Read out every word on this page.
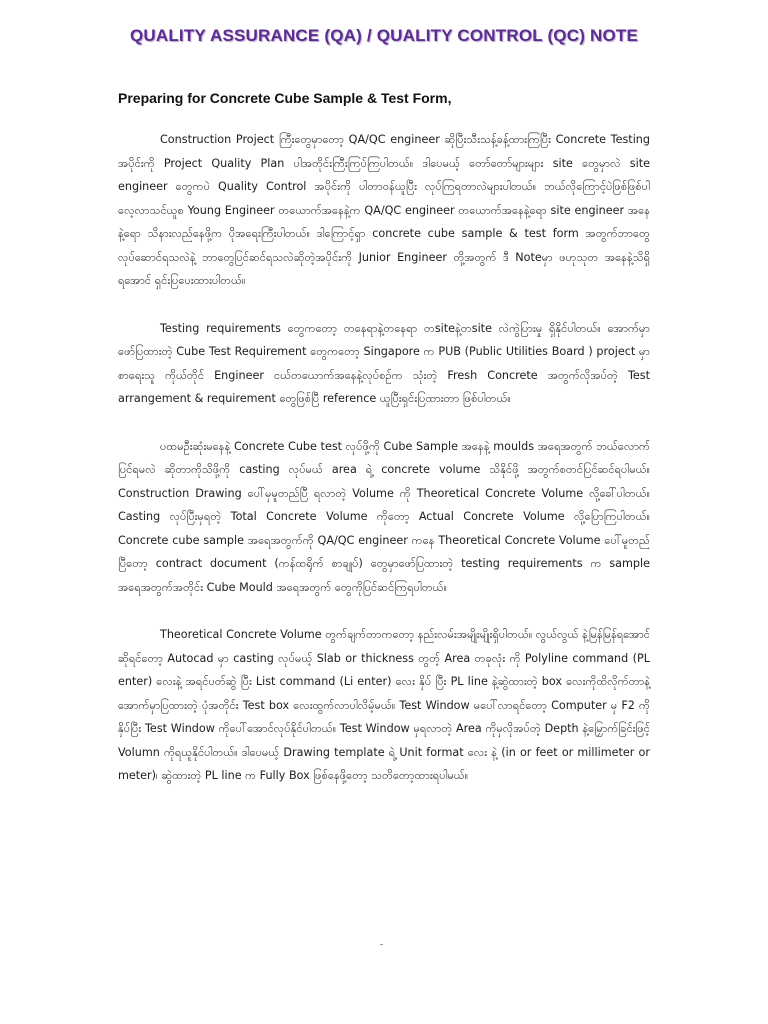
QUALITY ASSURANCE (QA) / QUALITY CONTROL (QC) NOTE
Preparing for Concrete Cube Sample & Test Form,

Construction Project ကြီးတွေမှာတော့ QA/QC engineer ဆိုပြီးသီးသန့်ခန့်ထားကြပြီး Concrete Testing အပိုင်းကို Project Quality Plan ပါအတိုင်းကြီးကြပ်ကြပါတယ်။ ဒါပေမယ့် တော်တော်များများ site တွေမှာလဲ site engineer တွေကပဲ Quality Control အပိုင်းကို ပါတာဝန်ယူပြီး လုပ်ကြရတာလဲများပါတယ်။ ဘယ်လိုကြောင့်ပဲဖြစ်ဖြစ်ပါ လေ့လာသင်ယူစ Young Engineer တယောက်အနေနဲ့က QA/QC engineer တယောက်အနေနဲ့ရော site engineer အနေနဲ့ရော သိနားလည်နေဖို့က ပိုအရေးကြီးပါတယ်။ ဒါကြောင့်ရှာ concrete cube sample & test form အတွက်ဘာတွေ လုပ်ဆောင်ရသလဲနဲ့ ဘာတွေပြင်ဆင်ရသလဲဆိုတဲ့အပိုင်းကို Junior Engineer တို့အတွက် ဒီ Noteမှာ ဖဟုသုတ အနေနဲ့သိရှိရအောင် ရှင်းပြပေးထားပါတယ်။

Testing requirements တွေကတော့ တနေရာနဲ့တနေရာ တsiteနဲ့တsite လဲကွဲပြားမှု ရှိနိုင်ပါတယ်။ အောက်မှာဖော်ပြထားတဲ့ Cube Test Requirement တွေကတော့ Singapore က PUB (Public Utilities Board ) project မှာ စာရေးသူ ကိုယ်တိုင် Engineer ငယ်တယောက်အနေနဲ့လုပ်စဉ်က သုံးတဲ့ Fresh Concrete အတွက်လိုအပ်တဲ့ Test arrangement & requirement တွေဖြစ်ပြီ reference ယူပြီးရှင်းပြထားတာ ဖြစ်ပါတယ်။

ပထမဦးဆုံးမနေနဲ့ Concrete Cube test လုပ်ဖို့ကို Cube Sample အနေနဲ့ moulds အရေအတွက် ဘယ်လောက်ပြင်ရမလဲ ဆိုတာကိုသိဖို့ကို casting လုပ်မယ် area ရဲ့ concrete volume သိနိုင်ဖို့ အတွက်စတင်ပြင်ဆင်ရပါမယ်။ Construction Drawing ပေါ်မှမူတည်ပြီ ရလာတဲ့ Volume ကို Theoretical Concrete Volume လို့ခေါ်ပါတယ်။ Casting လုပ်ပြီးမှရတဲ့ Total Concrete Volume ကိုတော့ Actual Concrete Volume လို့ပြောကြပါတယ်။ Concrete cube sample အရေအတွက်ကို QA/QC engineer ကနေ Theoretical Concrete Volume ပေါ်မူတည်ပြီတော့ contract document (ကန်ထရိုက် စာချုပ်) တွေမှာဖော်ပြထားတဲ့ testing requirements က sample အရေအတွက်အတိုင်း Cube Mould အရေအတွက် တွေကိုပြင်ဆင်ကြရပါတယ်။

Theoretical Concrete Volume တွက်ချက်တာကတော့ နည်းလမ်းအမျိုးမျိုးရှိပါတယ်။ လွယ်လွယ် နဲ့မြန်မြန်ရအောင်ဆိုရင်တော့ Autocad မှာ casting လုပ်မယ့် Slab or thickness တွတ့် Area တခုလုံး ကို Polyline command (PL enter) လေးနဲ့ အရင်ပတ်ဆွဲ ပြီး List command (Li enter) လေး နှိပ် ပြီး PL line နဲ့ဆွဲထားတဲ့ box လေးကိုထိလိုက်တာနဲ့ အောက်မှာပြထားတဲ့ ပုံအတိုင်း Test box လေးထွက်လာပါလိမ့်မယ်။ Test Window မပေါ်လာရင်တော့ Computer မှ F2 ကိုနှိပ်ပြီး Test Window ကိုပေါ်အောင်လုပ်နိုင်ပါတယ်။ Test Window မှရလာတဲ့ Area ကိုမှလိုအပ်တဲ့ Depth နဲ့မြှောက်ခြင်းဖြင့် Volumn ကိုရယူနိုင်ပါတယ်။ ဒါပေမယ့် Drawing template ရဲ့ Unit format လေး နဲ့ (in or feet or millimeter or meter)၊ ဆွဲထားတဲ့ PL line က Fully Box ဖြစ်နေဖို့တော့ သတိတော့ထားရပါမယ်။
